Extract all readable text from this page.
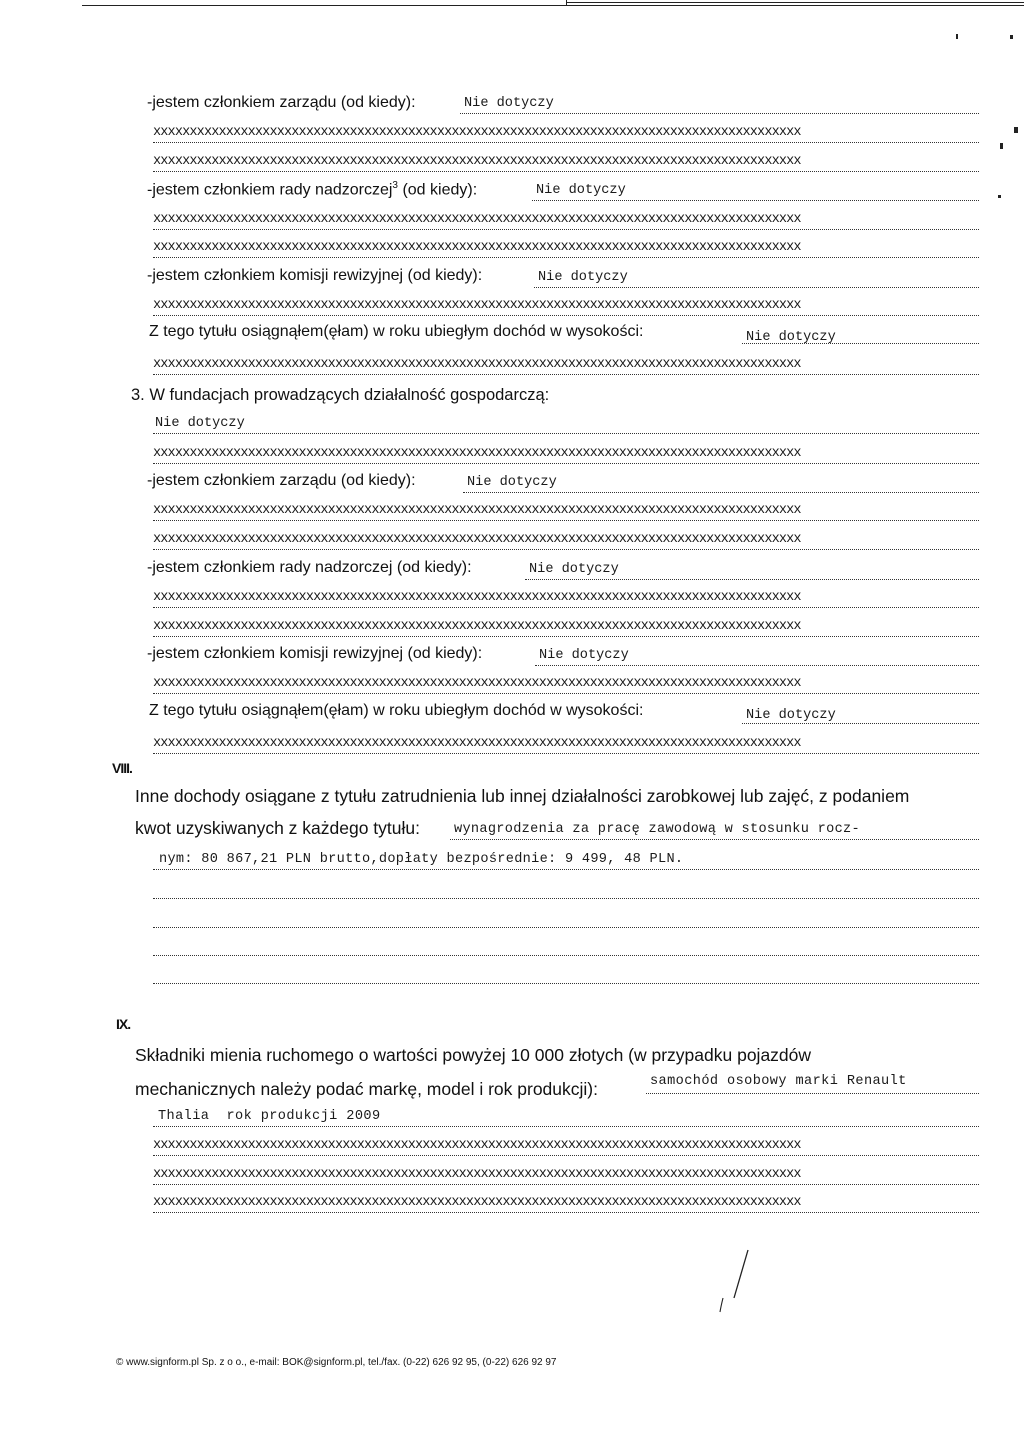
-jestem członkiem zarządu (od kiedy):	Nie dotyczy
xxxxxxxxxxxxxxxxxxxxxxxxxxxxxxxxxxxxxxxxxxxxxxxxxxxxxxxxxxxxxxxxxxxxxxxxxxxxxxxxxxxxxxxxx
xxxxxxxxxxxxxxxxxxxxxxxxxxxxxxxxxxxxxxxxxxxxxxxxxxxxxxxxxxxxxxxxxxxxxxxxxxxxxxxxxxxxxxxxx
-jestem członkiem rady nadzorczej$^3$ (od kiedy):	Nie dotyczy
xxxxxxxxxxxxxxxxxxxxxxxxxxxxxxxxxxxxxxxxxxxxxxxxxxxxxxxxxxxxxxxxxxxxxxxxxxxxxxxxxxxxxxxxx
xxxxxxxxxxxxxxxxxxxxxxxxxxxxxxxxxxxxxxxxxxxxxxxxxxxxxxxxxxxxxxxxxxxxxxxxxxxxxxxxxxxxxxxxx
-jestem członkiem komisji rewizyjnej (od kiedy):	Nie dotyczy
xxxxxxxxxxxxxxxxxxxxxxxxxxxxxxxxxxxxxxxxxxxxxxxxxxxxxxxxxxxxxxxxxxxxxxxxxxxxxxxxxxxxxxxxx
Z tego tytułu osiągnąłem(ęłam) w roku ubiegłym dochód w wysokości:	Nie dotyczy
xxxxxxxxxxxxxxxxxxxxxxxxxxxxxxxxxxxxxxxxxxxxxxxxxxxxxxxxxxxxxxxxxxxxxxxxxxxxxxxxxxxxxxxxx
3. W fundacjach prowadzących działalność gospodarczą:
Nie dotyczy
xxxxxxxxxxxxxxxxxxxxxxxxxxxxxxxxxxxxxxxxxxxxxxxxxxxxxxxxxxxxxxxxxxxxxxxxxxxxxxxxxxxxxxxxx
-jestem członkiem zarządu (od kiedy):	Nie dotyczy
xxxxxxxxxxxxxxxxxxxxxxxxxxxxxxxxxxxxxxxxxxxxxxxxxxxxxxxxxxxxxxxxxxxxxxxxxxxxxxxxxxxxxxxxx
xxxxxxxxxxxxxxxxxxxxxxxxxxxxxxxxxxxxxxxxxxxxxxxxxxxxxxxxxxxxxxxxxxxxxxxxxxxxxxxxxxxxxxxxx
-jestem członkiem rady nadzorczej (od kiedy):	Nie dotyczy
xxxxxxxxxxxxxxxxxxxxxxxxxxxxxxxxxxxxxxxxxxxxxxxxxxxxxxxxxxxxxxxxxxxxxxxxxxxxxxxxxxxxxxxxx
xxxxxxxxxxxxxxxxxxxxxxxxxxxxxxxxxxxxxxxxxxxxxxxxxxxxxxxxxxxxxxxxxxxxxxxxxxxxxxxxxxxxxxxxx
-jestem członkiem komisji rewizyjnej (od kiedy):	Nie dotyczy
xxxxxxxxxxxxxxxxxxxxxxxxxxxxxxxxxxxxxxxxxxxxxxxxxxxxxxxxxxxxxxxxxxxxxxxxxxxxxxxxxxxxxxxxx
Z tego tytułu osiągnąłem(ęłam) w roku ubiegłym dochód w wysokości:	Nie dotyczy
xxxxxxxxxxxxxxxxxxxxxxxxxxxxxxxxxxxxxxxxxxxxxxxxxxxxxxxxxxxxxxxxxxxxxxxxxxxxxxxxxxxxxxxxx
VIII.
Inne dochody osiągane z tytułu zatrudnienia lub innej działalności zarobkowej lub zajęć, z podaniem
kwot uzyskiwanych z każdego tytułu:	wynagrodzenia za pracę zawodową w stosunku rocz-
nym: 80 867,21 PLN brutto,dopłaty bezpośrednie: 9 499, 48 PLN.
IX.
Składniki mienia ruchomego o wartości powyżej 10 000 złotych (w przypadku pojazdów
mechanicznych należy podać markę, model i rok produkcji):	samochód osobowy marki Renault
Thalia  rok produkcji 2009
xxxxxxxxxxxxxxxxxxxxxxxxxxxxxxxxxxxxxxxxxxxxxxxxxxxxxxxxxxxxxxxxxxxxxxxxxxxxxxxxxxxxxxxxx
xxxxxxxxxxxxxxxxxxxxxxxxxxxxxxxxxxxxxxxxxxxxxxxxxxxxxxxxxxxxxxxxxxxxxxxxxxxxxxxxxxxxxxxxx
xxxxxxxxxxxxxxxxxxxxxxxxxxxxxxxxxxxxxxxxxxxxxxxxxxxxxxxxxxxxxxxxxxxxxxxxxxxxxxxxxxxxxxxxx
© www.signform.pl Sp. z o o., e-mail: BOK@signform.pl, tel./fax. (0-22) 626 92 95, (0-22) 626 92 97
